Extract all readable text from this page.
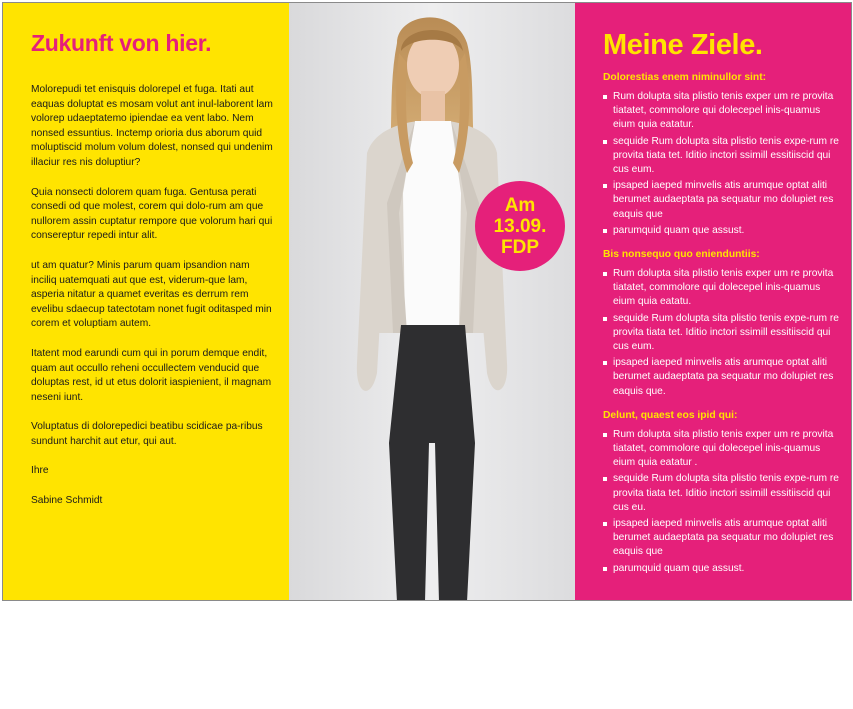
Zukunft von hier.

Molorepudi tet enisquis dolorepel et fuga. Itati aut eaquas doluptat es mosam volut ant inul-laborent lam volorep udaeptatemo ipiendae ea vent labo. Nem nonsed essuntius. Inctemp orioria dus aborum quid moluptiscid molum volum dolest, nonsed qui undenim illaciur res nis doluptiur?

Quia nonsecti dolorem quam fuga. Gentusa perati consedi od que molest, corem qui dolo-rum am que nullorem assin cuptatur rempore que volorum hari qui consereptur repedi intur alit.

ut am quatur? Minis parum quam ipsandion nam inciliq uatemquati aut que est, viderum-que lam, asperia nitatur a quamet everitas es derrum rem evelibu sdaecup tatectotam nonet fugit oditasped min corem et voluptiam autem.

Itatent mod earundi cum qui in porum demque endit, quam aut occullo reheni occullectem venducid que doluptas rest, id ut etus dolorit iaspienient, il magnam neseni iunt.

Voluptatus di dolorepedici beatibu scidicae pa-ribus sundunt harchit aut etur, qui aut.

Ihre

Sabine Schmidt

Am
13.09.
FDP
Meine Ziele.
Dolorestias enem niminullor sint:
Rum dolupta sita plistio tenis exper um re provita tiatatet, commolore qui dolecepel inis-quamus eium quia eatatur.
sequide Rum dolupta sita plistio tenis expe-rum re provita tiata tet. Iditio inctori ssimill essitiiscid qui cus eum.
ipsaped iaeped minvelis atis arumque optat aliti berumet audaeptata pa sequatur mo dolupiet res eaquis que
parumquid quam que assust.
Bis nonsequo quo enienduntiis:
Rum dolupta sita plistio tenis exper um re provita tiatatet, commolore qui dolecepel inis-quamus eium quia eatatu.
sequide Rum dolupta sita plistio tenis expe-rum re provita tiata tet. Iditio inctori ssimill essitiiscid qui cus eum.
ipsaped iaeped minvelis atis arumque optat aliti berumet audaeptata pa sequatur mo dolupiet res eaquis que.
Delunt, quaest eos ipid qui:
Rum dolupta sita plistio tenis exper um re provita tiatatet, commolore qui dolecepel inis-quamus eium quia eatatur .
sequide Rum dolupta sita plistio tenis expe-rum re provita tiata tet. Iditio inctori ssimill essitiiscid qui cus eu.
ipsaped iaeped minvelis atis arumque optat aliti berumet audaeptata pa sequatur mo dolupiet res eaquis que
parumquid quam que assust.
